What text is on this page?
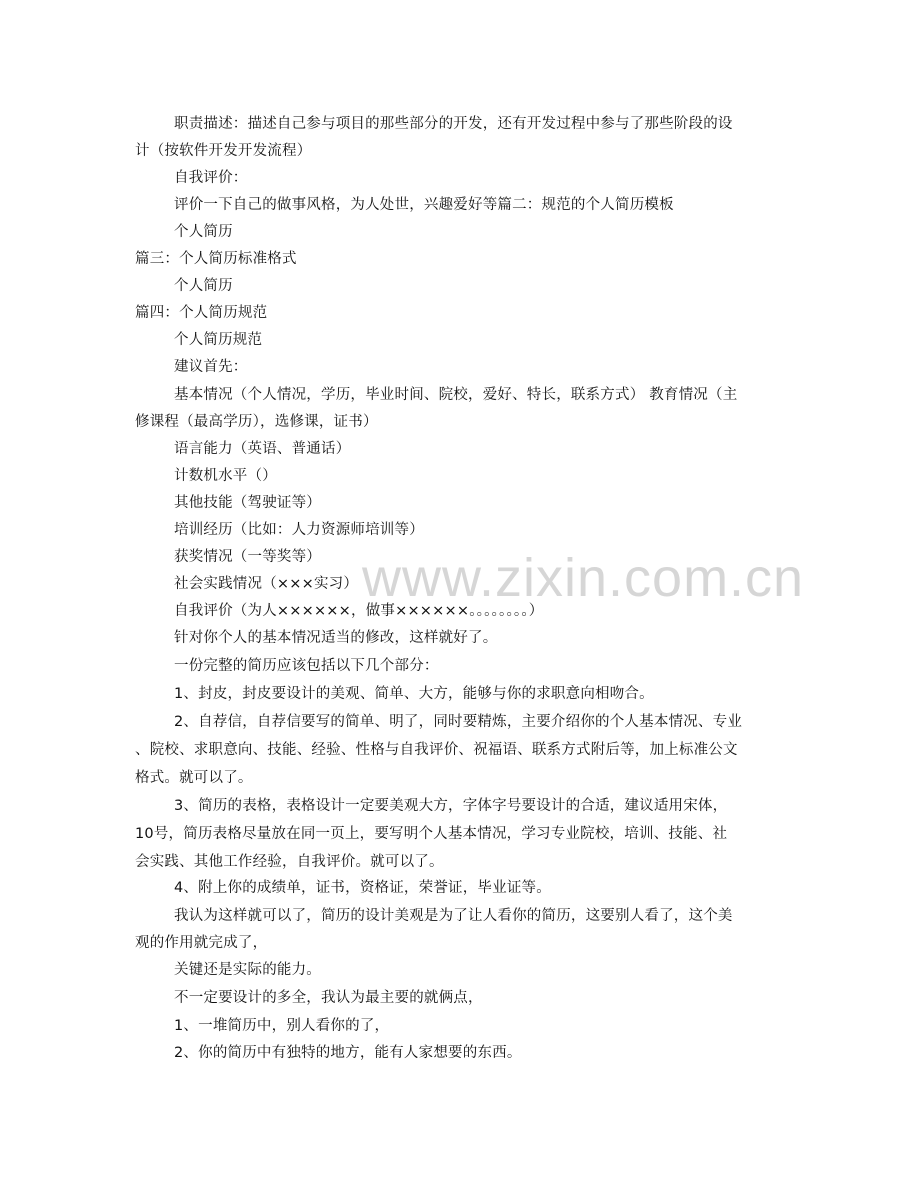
www.zixin.com.cn
职责描述：描述自己参与项目的那些部分的开发，还有开发过程中参与了那些阶段的设
计（按软件开发开发流程）
自我评价：
评价一下自己的做事风格，为人处世，兴趣爱好等篇二：规范的个人简历模板
个人简历
篇三：个人简历标准格式
个人简历
篇四：个人简历规范
个人简历规范
建议首先：
基本情况（个人情况，学历，毕业时间、院校，爱好、特长，联系方式） 教育情况（主
修课程（最高学历），选修课，证书）
语言能力（英语、普通话）
计数机水平（）
其他技能（驾驶证等）
培训经历（比如：人力资源师培训等）
获奖情况（一等奖等）
社会实践情况（×××实习）
自我评价（为人××××××，做事××××××。。。。。。。。）
针对你个人的基本情况适当的修改，这样就好了。
一份完整的简历应该包括以下几个部分：
1、封皮，封皮要设计的美观、简单、大方，能够与你的求职意向相吻合。
2、自荐信，自荐信要写的简单、明了，同时要精炼，主要介绍你的个人基本情况、专业
、院校、求职意向、技能、经验、性格与自我评价、祝福语、联系方式附后等，加上标准公文
格式。就可以了。
3、简历的表格，表格设计一定要美观大方，字体字号要设计的合适，建议适用宋体，
10号，简历表格尽量放在同一页上，要写明个人基本情况，学习专业院校，培训、技能、社
会实践、其他工作经验，自我评价。就可以了。
4、附上你的成绩单，证书，资格证，荣誉证，毕业证等。
我认为这样就可以了，简历的设计美观是为了让人看你的简历，这要别人看了，这个美
观的作用就完成了，
关键还是实际的能力。
不一定要设计的多全，我认为最主要的就俩点，
1、一堆简历中，别人看你的了，
2、你的简历中有独特的地方，能有人家想要的东西。
